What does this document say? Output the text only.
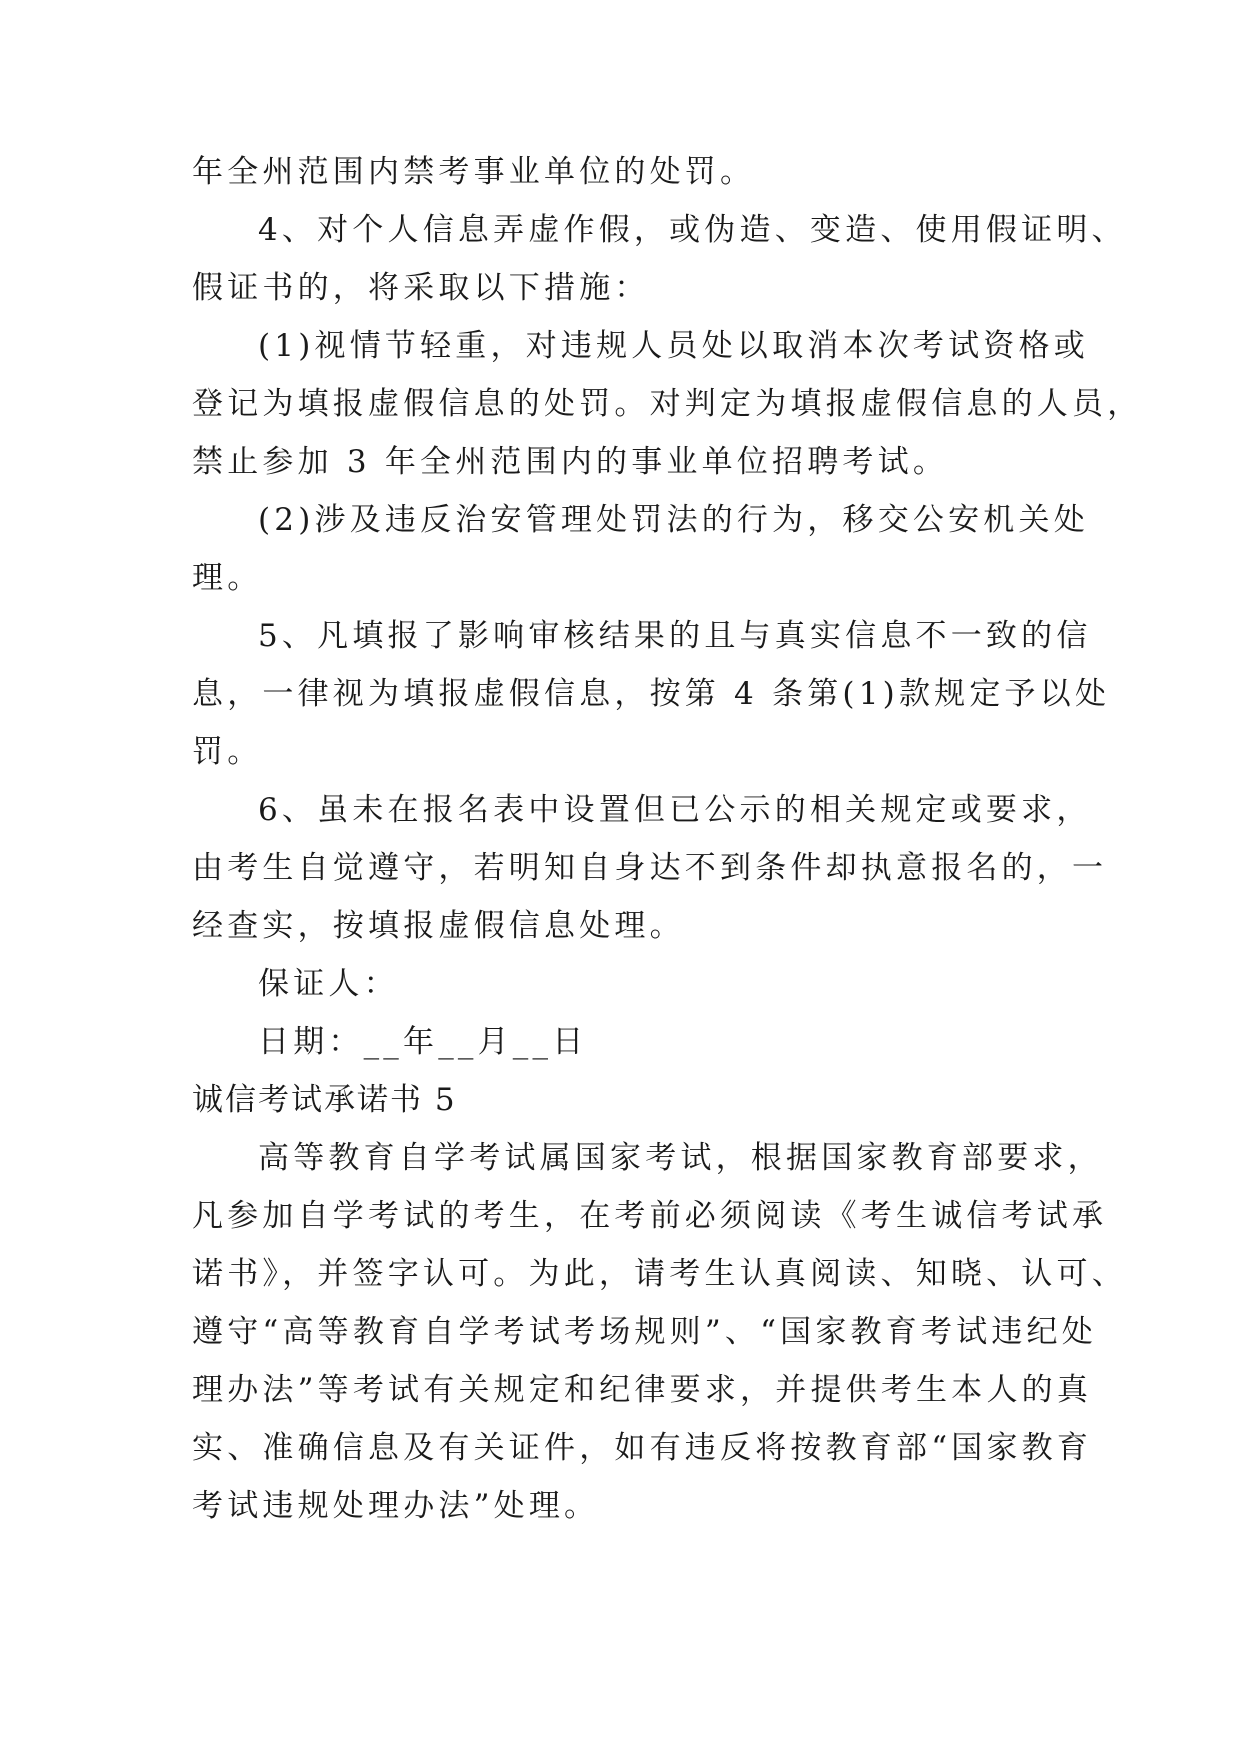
年全州范围内禁考事业单位的处罚。
4、对个人信息弄虚作假，或伪造、变造、使用假证明、
假证书的，将采取以下措施：
(1)视情节轻重，对违规人员处以取消本次考试资格或
登记为填报虚假信息的处罚。对判定为填报虚假信息的人员，
禁止参加 3 年全州范围内的事业单位招聘考试。
(2)涉及违反治安管理处罚法的行为，移交公安机关处
理。
5、凡填报了影响审核结果的且与真实信息不一致的信
息，一律视为填报虚假信息，按第 4 条第(1)款规定予以处
罚。
6、虽未在报名表中设置但已公示的相关规定或要求，
由考生自觉遵守，若明知自身达不到条件却执意报名的，一
经查实，按填报虚假信息处理。
保证人：
日期：__年__月__日
诚信考试承诺书 5
高等教育自学考试属国家考试，根据国家教育部要求，
凡参加自学考试的考生，在考前必须阅读《考生诚信考试承
诺书》，并签字认可。为此，请考生认真阅读、知晓、认可、
遵守“高等教育自学考试考场规则”、“国家教育考试违纪处
理办法”等考试有关规定和纪律要求，并提供考生本人的真
实、准确信息及有关证件，如有违反将按教育部“国家教育
考试违规处理办法”处理。
